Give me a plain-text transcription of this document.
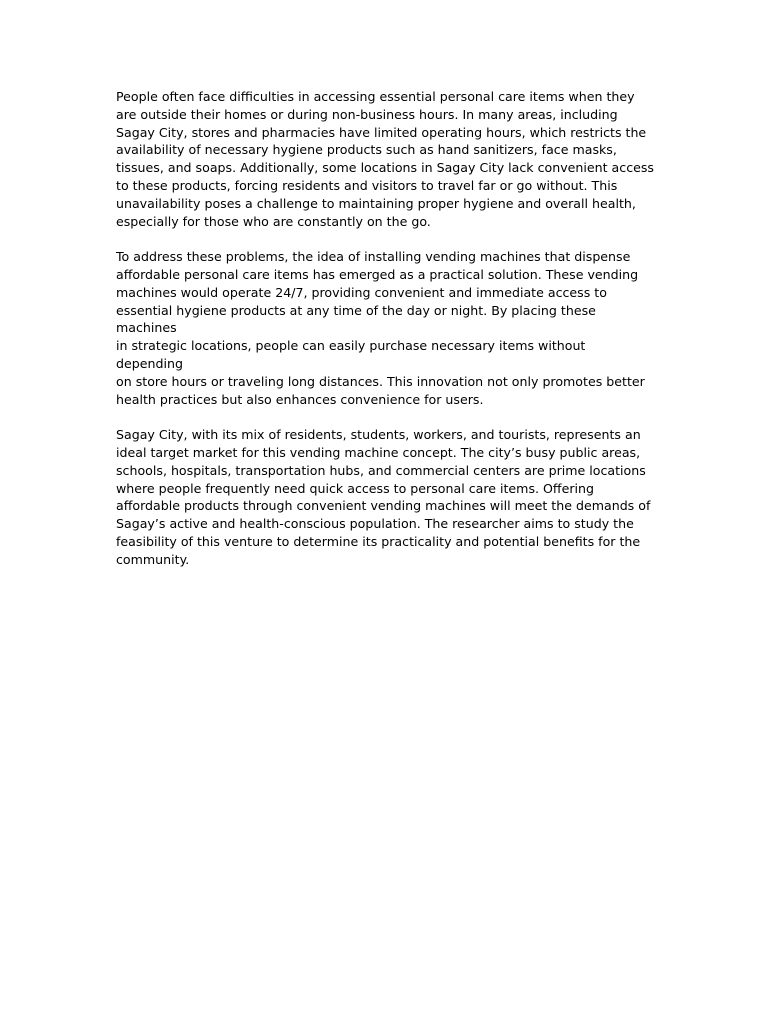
People often face difficulties in accessing essential personal care items when they
are outside their homes or during non-business hours. In many areas, including
Sagay City, stores and pharmacies have limited operating hours, which restricts the
availability of necessary hygiene products such as hand sanitizers, face masks,
tissues, and soaps. Additionally, some locations in Sagay City lack convenient access
to these products, forcing residents and visitors to travel far or go without. This
unavailability poses a challenge to maintaining proper hygiene and overall health,
especially for those who are constantly on the go.

To address these problems, the idea of installing vending machines that dispense
affordable personal care items has emerged as a practical solution. These vending
machines would operate 24/7, providing convenient and immediate access to
essential hygiene products at any time of the day or night. By placing these machines
in strategic locations, people can easily purchase necessary items without depending
on store hours or traveling long distances. This innovation not only promotes better
health practices but also enhances convenience for users.

Sagay City, with its mix of residents, students, workers, and tourists, represents an
ideal target market for this vending machine concept. The city’s busy public areas,
schools, hospitals, transportation hubs, and commercial centers are prime locations
where people frequently need quick access to personal care items. Offering
affordable products through convenient vending machines will meet the demands of
Sagay’s active and health-conscious population. The researcher aims to study the
feasibility of this venture to determine its practicality and potential benefits for the
community.
